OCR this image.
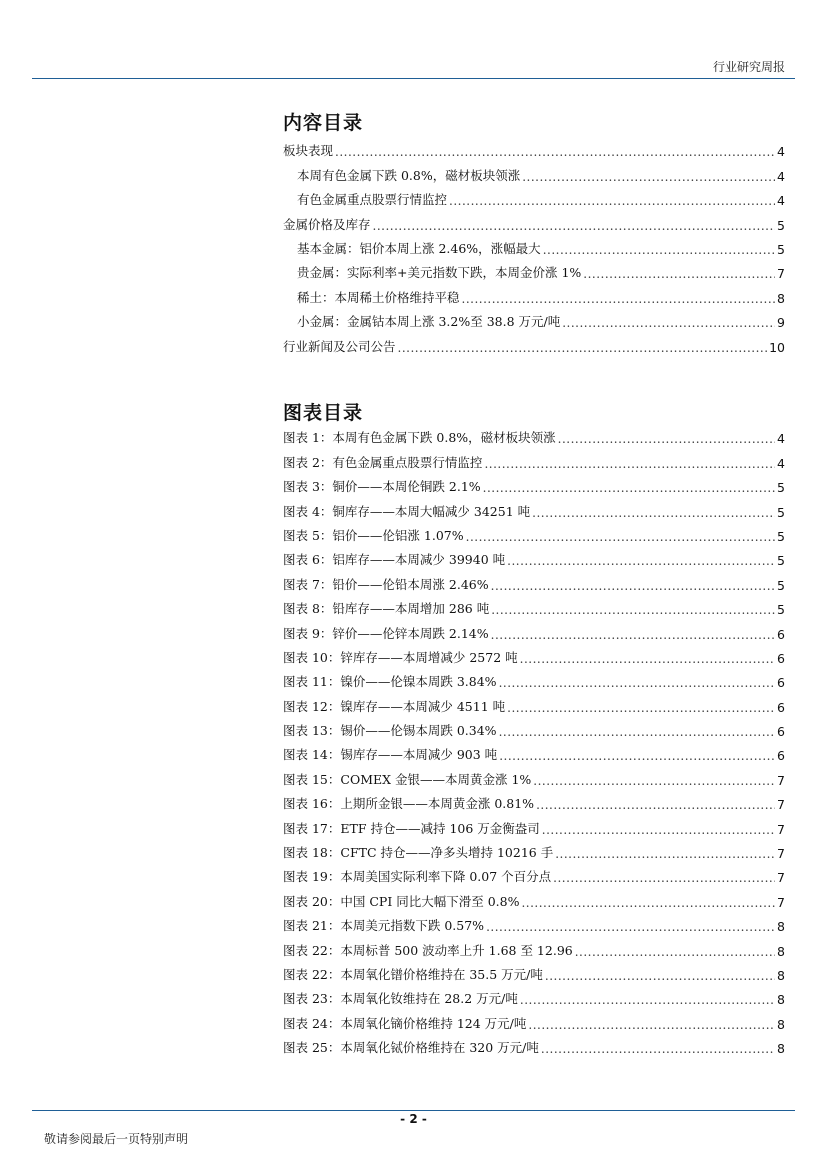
行业研究周报
内容目录
板块表现 .....	4
本周有色金属下跌 0.8%，磁材板块领涨 .....	4
有色金属重点股票行情监控 .....	4
金属价格及库存 .....	5
基本金属：铝价本周上涨 2.46%，涨幅最大 .....	5
贵金属：实际利率+美元指数下跌，本周金价涨 1% .....	7
稀土：本周稀土价格维持平稳 .....	8
小金属：金属钴本周上涨 3.2%至 38.8 万元/吨 .....	9
行业新闻及公司公告 .....	10
图表目录
图表 1：本周有色金属下跌 0.8%，磁材板块领涨 .....	4
图表 2：有色金属重点股票行情监控 .....	4
图表 3：铜价——本周伦铜跌 2.1% .....	5
图表 4：铜库存——本周大幅减少 34251 吨 .....	5
图表 5：铝价——伦铝涨 1.07% .....	5
图表 6：铝库存——本周减少 39940 吨 .....	5
图表 7：铅价——伦铅本周涨 2.46% .....	5
图表 8：铅库存——本周增加 286 吨 .....	5
图表 9：锌价——伦锌本周跌 2.14% .....	6
图表 10：锌库存——本周增减少 2572 吨 .....	6
图表 11：镍价——伦镍本周跌 3.84% .....	6
图表 12：镍库存——本周减少 4511 吨 .....	6
图表 13：锡价——伦锡本周跌 0.34% .....	6
图表 14：锡库存——本周减少 903 吨 .....	6
图表 15：COMEX 金银——本周黄金涨 1% .....	7
图表 16：上期所金银——本周黄金涨 0.81% .....	7
图表 17：ETF 持仓——减持 106 万金衡盎司 .....	7
图表 18：CFTC 持仓——净多头增持 10216 手 .....	7
图表 19：本周美国实际利率下降 0.07 个百分点 .....	7
图表 20：中国 CPI 同比大幅下滑至 0.8% .....	7
图表 21：本周美元指数下跌 0.57% .....	8
图表 22：本周标普 500 波动率上升 1.68 至 12.96 .....	8
图表 22：本周氧化镨价格维持在 35.5 万元/吨 .....	8
图表 23：本周氧化钕维持在 28.2 万元/吨 .....	8
图表 24：本周氧化镝价格维持 124 万元/吨 .....	8
图表 25：本周氧化铽价格维持在 320 万元/吨 .....	8
- 2 -
敬请参阅最后一页特别声明
